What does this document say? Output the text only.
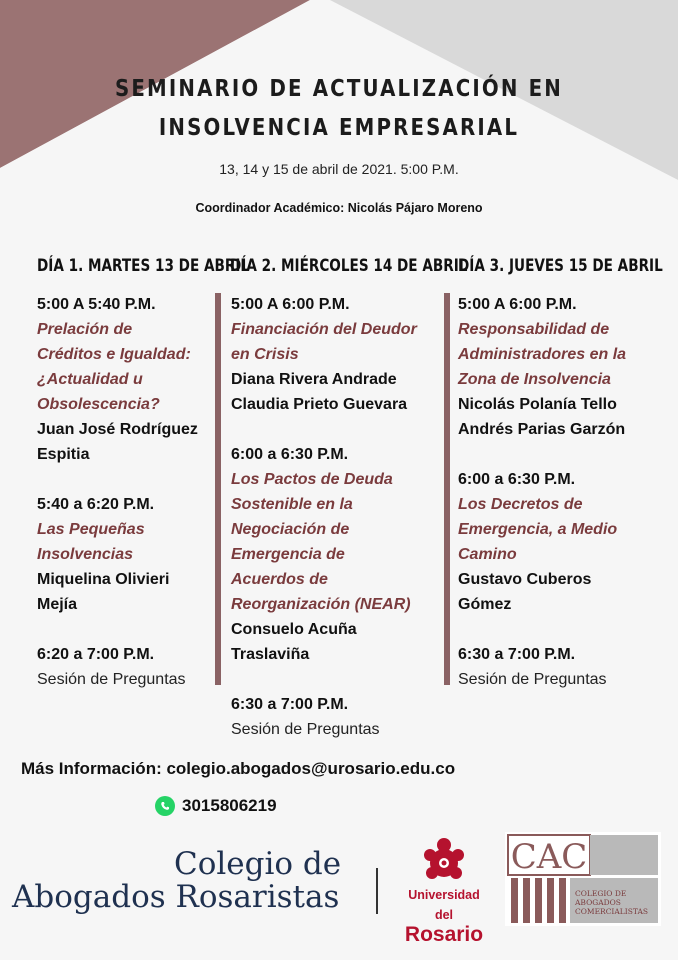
SEMINARIO DE ACTUALIZACIÓN EN
INSOLVENCIA EMPRESARIAL
13, 14 y 15 de abril de 2021. 5:00 P.M.
Coordinador Académico: Nicolás Pájaro Moreno
DÍA 1. MARTES 13 DE ABRIL
DÍA 2. MIÉRCOLES 14 DE ABRIL
DÍA 3. JUEVES 15 DE ABRIL

5:00 A 5:40 P.M.

Prelación de

Créditos e Igualdad:

¿Actualidad u

Obsolescencia?

Juan José Rodríguez

Espitia

5:40 a 6:20 P.M.

Las Pequeñas

Insolvencias

Miquelina Olivieri

Mejía

6:20 a 7:00 P.M.

Sesión de Preguntas

5:00 A 6:00 P.M.

Financiación del Deudor

en Crisis

Diana Rivera Andrade

Claudia Prieto Guevara

6:00 a 6:30 P.M.

Los Pactos de Deuda

Sostenible en la

Negociación de

Emergencia de

Acuerdos de

Reorganización (NEAR)

Consuelo Acuña

Traslaviña

6:30 a 7:00 P.M.

Sesión de Preguntas

5:00 A 6:00 P.M.

Responsabilidad de

Administradores en la

Zona de Insolvencia

Nicolás Polanía Tello

Andrés Parias Garzón

6:00 a 6:30 P.M.

Los Decretos de

Emergencia, a Medio

Camino

Gustavo Cuberos

Gómez

6:30 a 7:00 P.M.

Sesión de Preguntas

Más Información: colegio.abogados@urosario.edu.co
3015806219
Colegio de
Abogados Rosaristas	Universidad del
Rosario
CAC
COLEGIO DE
ABOGADOS
COMERCIALISTAS
